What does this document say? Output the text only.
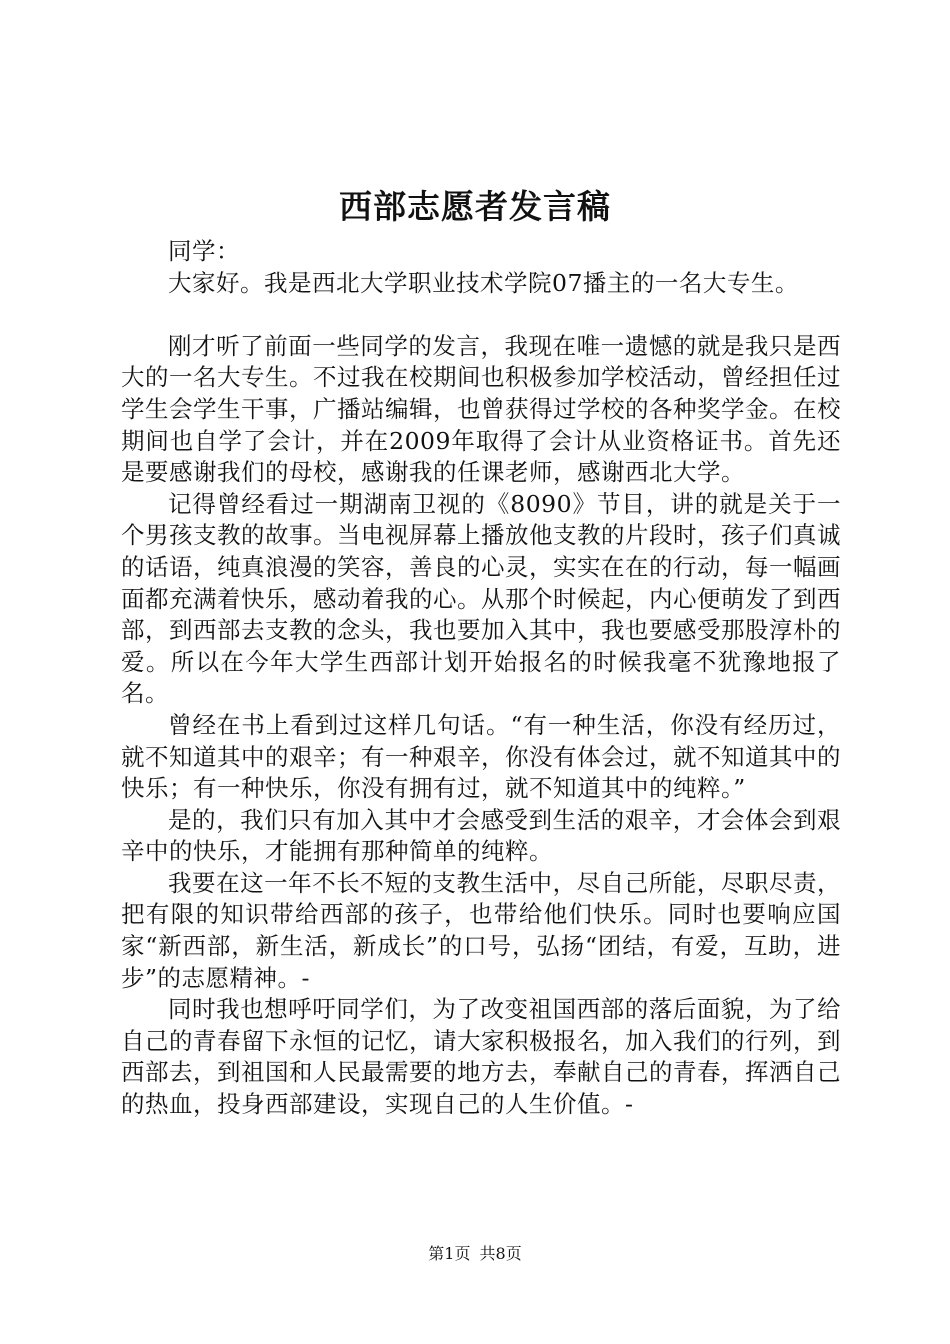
西部志愿者发言稿

同学：

大家好。我是西北大学职业技术学院07播主的一名大专生。

刚才听了前面一些同学的发言，我现在唯一遗憾的就是我只是西大的一名大专生。不过我在校期间也积极参加学校活动，曾经担任过学生会学生干事，广播站编辑，也曾获得过学校的各种奖学金。在校期间也自学了会计，并在2009年取得了会计从业资格证书。首先还是要感谢我们的母校，感谢我的任课老师，感谢西北大学。

记得曾经看过一期湖南卫视的《8090》节目，讲的就是关于一个男孩支教的故事。当电视屏幕上播放他支教的片段时，孩子们真诚的话语，纯真浪漫的笑容，善良的心灵，实实在在的行动，每一幅画面都充满着快乐，感动着我的心。从那个时候起，内心便萌发了到西部，到西部去支教的念头，我也要加入其中，我也要感受那股淳朴的爱。所以在今年大学生西部计划开始报名的时候我毫不犹豫地报了名。

曾经在书上看到过这样几句话。“有一种生活，你没有经历过，就不知道其中的艰辛；有一种艰辛，你没有体会过，就不知道其中的快乐；有一种快乐，你没有拥有过，就不知道其中的纯粹。”

是的，我们只有加入其中才会感受到生活的艰辛，才会体会到艰辛中的快乐，才能拥有那种简单的纯粹。

我要在这一年不长不短的支教生活中，尽自己所能，尽职尽责，把有限的知识带给西部的孩子，也带给他们快乐。同时也要响应国家“新西部，新生活，新成长”的口号，弘扬“团结，有爱，互助，进步”的志愿精神。-

同时我也想呼吁同学们，为了改变祖国西部的落后面貌，为了给自己的青春留下永恒的记忆，请大家积极报名，加入我们的行列，到西部去，到祖国和人民最需要的地方去，奉献自己的青春，挥洒自己的热血，投身西部建设，实现自己的人生价值。-

第1页 共8页
